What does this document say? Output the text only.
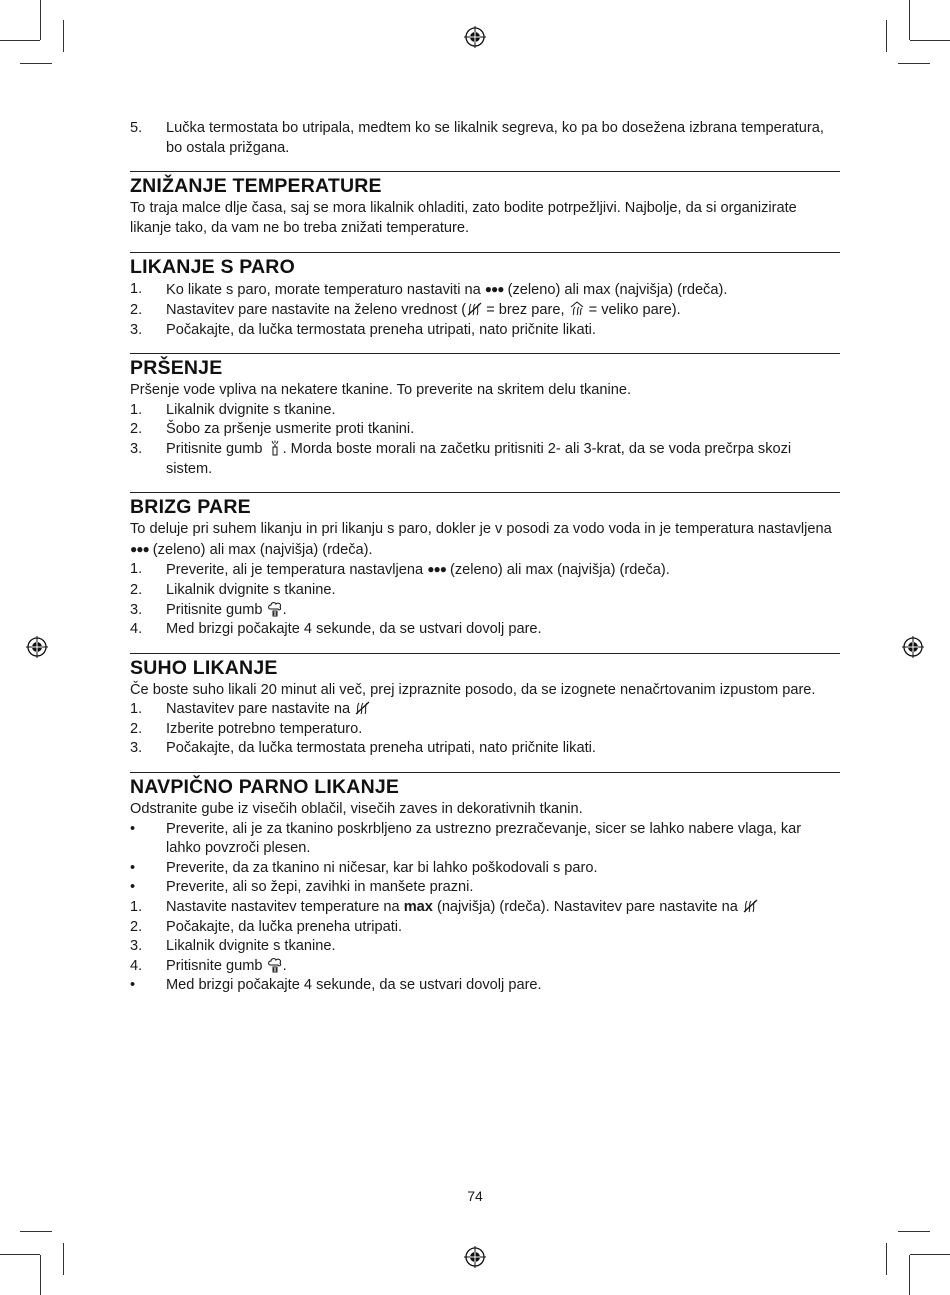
5. Lučka termostata bo utripala, medtem ko se likalnik segreva, ko pa bo dosežena izbrana temperatura, bo ostala prižgana.
ZNIŽANJE TEMPERATURE

To traja malce dlje časa, saj se mora likalnik ohladiti, zato bodite potrpežljivi. Najbolje, da si organizirate likanje tako, da vam ne bo treba znižati temperature.

LIKANJE S PARO
1. Ko likate s paro, morate temperaturo nastaviti na ●●● (zeleno) ali max (najvišja) (rdeča).
2. Nastavitev pare nastavite na želeno vrednost (
= brez pare,
= veliko pare).
3. Počakajte, da lučka termostata preneha utripati, nato pričnite likati.
PRŠENJE

Pršenje vode vpliva na nekatere tkanine. To preverite na skritem delu tkanine.

1. Likalnik dvignite s tkanine.
2. Šobo za pršenje usmerite proti tkanini.
3. Pritisnite gumb
. Morda boste morali na začetku pritisniti 2- ali 3-krat, da se voda prečrpa skozi sistem.
BRIZG PARE

To deluje pri suhem likanju in pri likanju s paro, dokler je v posodi za vodo voda in je temperatura nastavljena ●●● (zeleno) ali max (najvišja) (rdeča).

1. Preverite, ali je temperatura nastavljena ●●● (zeleno) ali max (najvišja) (rdeča).
2. Likalnik dvignite s tkanine.
3. Pritisnite gumb
.
4. Med brizgi počakajte 4 sekunde, da se ustvari dovolj pare.
SUHO LIKANJE

Če boste suho likali 20 minut ali več, prej izpraznite posodo, da se izognete nenačrtovanim izpustom pare.

1. Nastavitev pare nastavite na
2. Izberite potrebno temperaturo.
3. Počakajte, da lučka termostata preneha utripati, nato pričnite likati.
NAVPIČNO PARNO LIKANJE

Odstranite gube iz visečih oblačil, visečih zaves in dekorativnih tkanin.

• Preverite, ali je za tkanino poskrbljeno za ustrezno prezračevanje, sicer se lahko nabere vlaga, kar lahko povzroči plesen.
• Preverite, da za tkanino ni ničesar, kar bi lahko poškodovali s paro.
• Preverite, ali so žepi, zavihki in manšete prazni.
1. Nastavite nastavitev temperature na max (najvišja) (rdeča). Nastavitev pare nastavite na
2. Počakajte, da lučka preneha utripati.
3. Likalnik dvignite s tkanine.
4. Pritisnite gumb
.
• Med brizgi počakajte 4 sekunde, da se ustvari dovolj pare.
74
